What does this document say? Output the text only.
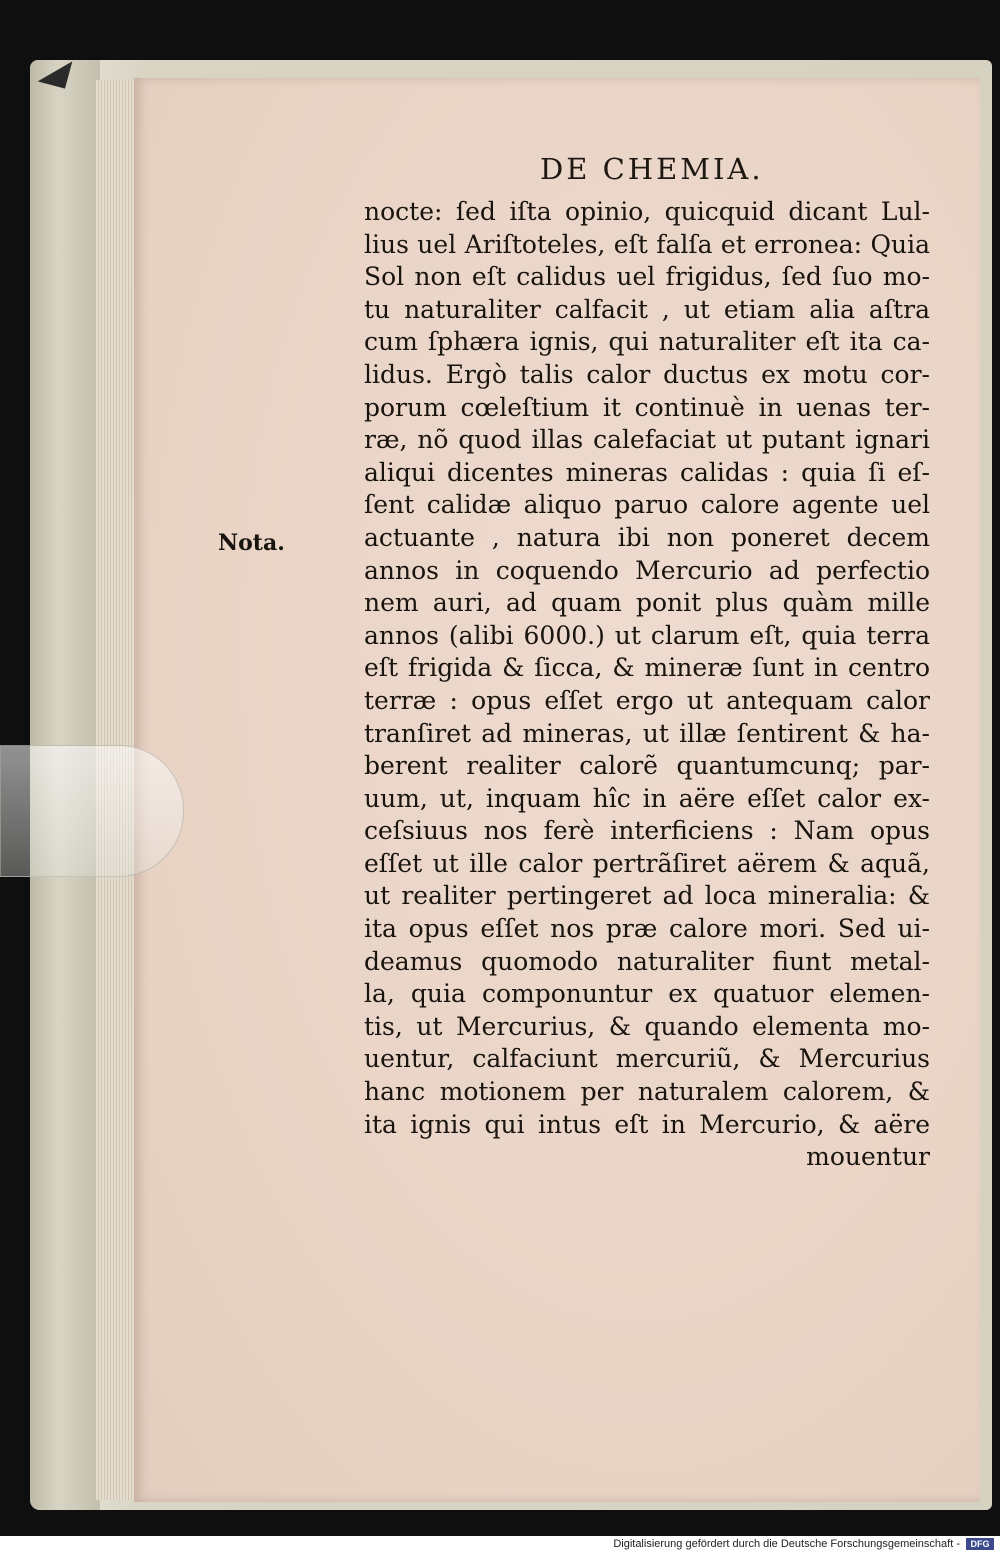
DE CHEMIA.
Nota.
nocte: ſed iſta opinio, quicquid dicant Lul-
lius uel Ariſtoteles, eſt falſa et erronea: Quia
Sol non eſt calidus uel frigidus, ſed ſuo mo-
tu naturaliter calfacit , ut etiam alia aſtra
cum ſphæra ignis, qui naturaliter eſt ita ca-
lidus. Ergò talis calor ductus ex motu cor-
porum cœleſtium it continuè in uenas ter-
ræ, nõ quod illas calefaciat ut putant ignari
aliqui dicentes mineras calidas : quia ſi eſ-
ſent calidæ aliquo paruo calore agente uel
actuante , natura ibi non poneret decem
annos in coquendo Mercurio ad perfectio
nem auri, ad quam ponit plus quàm mille
annos (alibi 6000.) ut clarum eſt, quia terra
eſt frigida & ſicca, & mineræ ſunt in centro
terræ : opus eſſet ergo ut antequam calor
tranſiret ad mineras, ut illæ ſentirent & ha-
berent realiter calorẽ quantumcunq; par-
uum, ut, inquam hîc in aëre eſſet calor ex-
ceſsiuus nos ferè interficiens : Nam opus
eſſet ut ille calor pertrãſiret aërem & aquã,
ut realiter pertingeret ad loca mineralia: &
ita opus eſſet nos præ calore mori. Sed ui-
deamus quomodo naturaliter fiunt metal-
la, quia componuntur ex quatuor elemen-
tis, ut Mercurius, & quando elementa mo-
uentur, calfaciunt mercuriũ, & Mercurius
hanc motionem per naturalem calorem, &
ita ignis qui intus eſt in Mercurio, & aëre
mouentur
Digitalisierung gefördert durch die Deutsche Forschungsgemeinschaft -	DFG
